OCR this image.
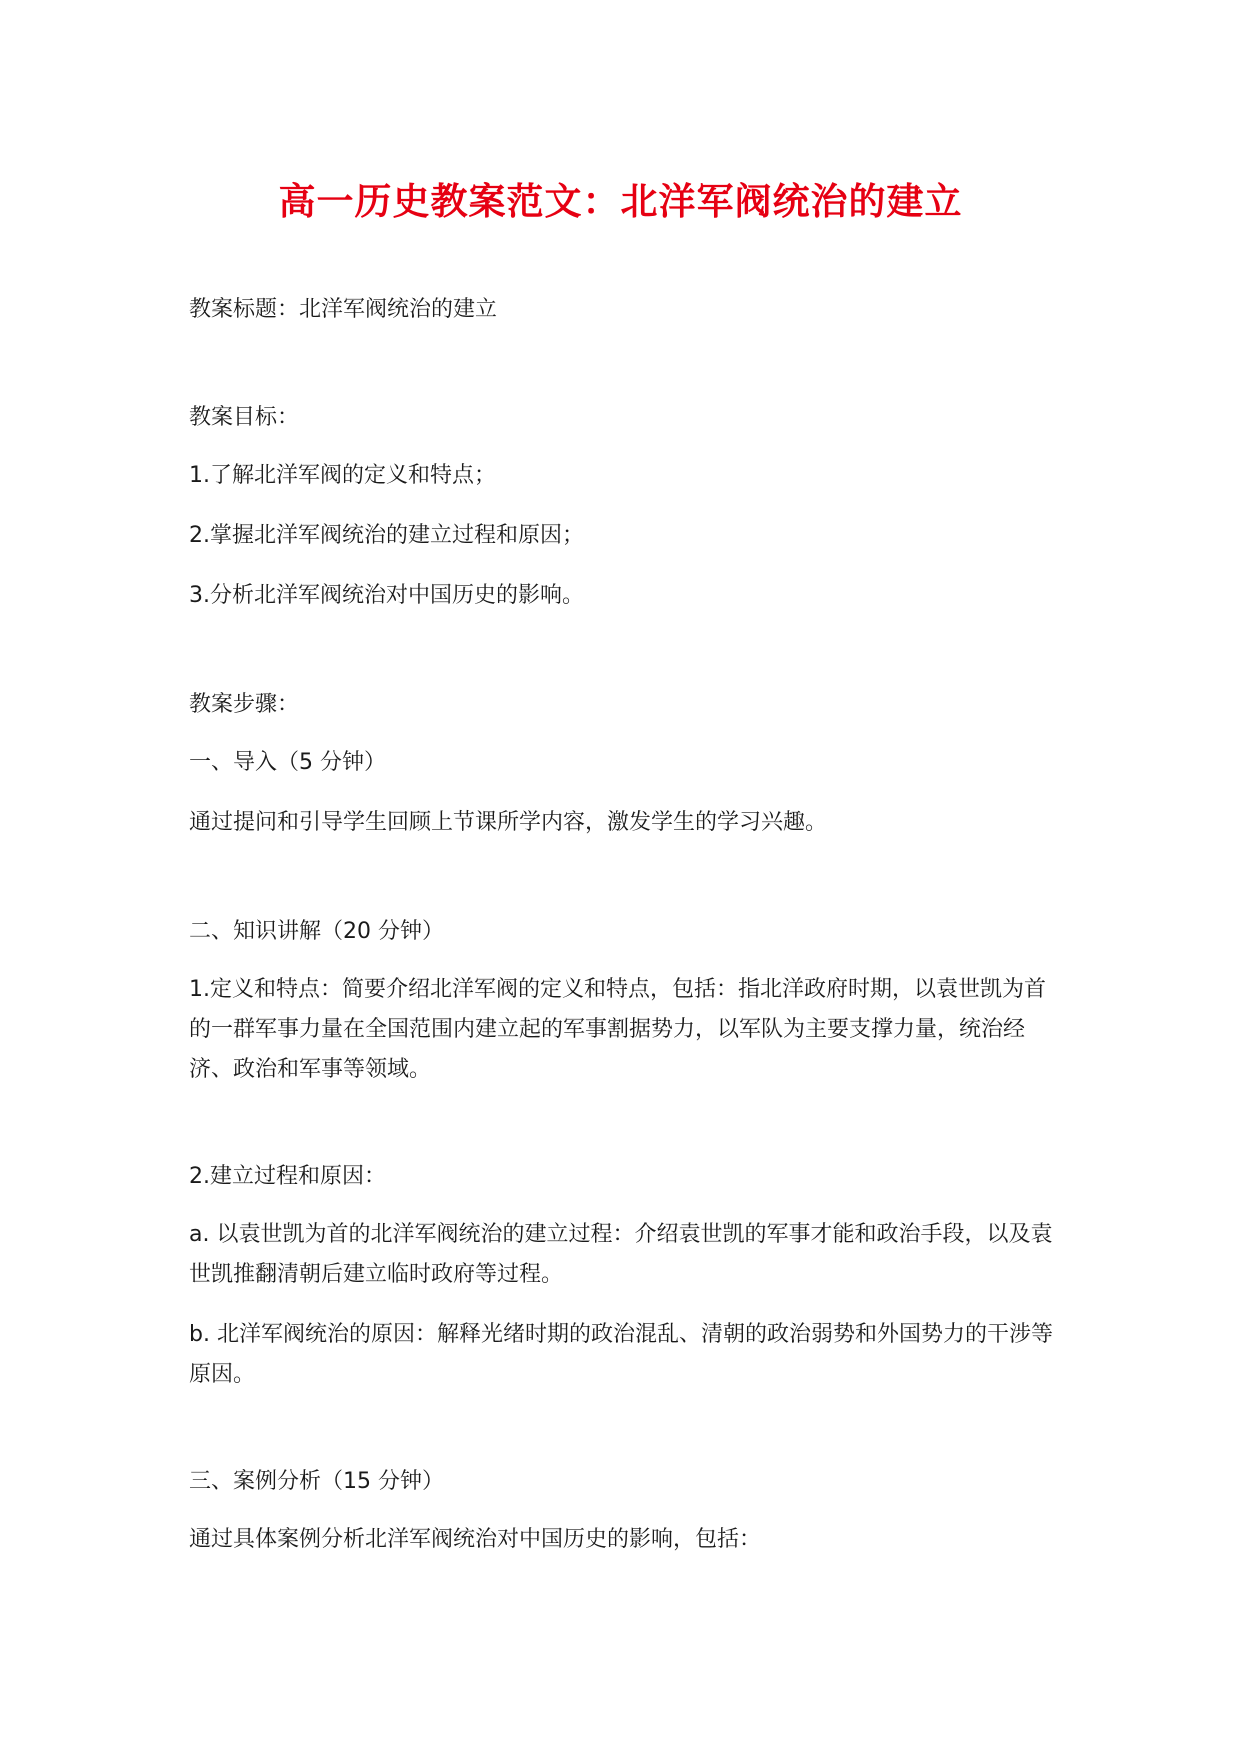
高一历史教案范文：北洋军阀统治的建立

教案标题：北洋军阀统治的建立

教案目标：

1.了解北洋军阀的定义和特点；

2.掌握北洋军阀统治的建立过程和原因；

3.分析北洋军阀统治对中国历史的影响。

教案步骤：

一、导入（5 分钟）

通过提问和引导学生回顾上节课所学内容，激发学生的学习兴趣。

二、知识讲解（20 分钟）

1.定义和特点：简要介绍北洋军阀的定义和特点，包括：指北洋政府时期，以袁世凯为首的一群军事力量在全国范围内建立起的军事割据势力，以军队为主要支撑力量，统治经济、政治和军事等领域。

2.建立过程和原因：

a. 以袁世凯为首的北洋军阀统治的建立过程：介绍袁世凯的军事才能和政治手段，以及袁世凯推翻清朝后建立临时政府等过程。

b. 北洋军阀统治的原因：解释光绪时期的政治混乱、清朝的政治弱势和外国势力的干涉等原因。

三、案例分析（15 分钟）

通过具体案例分析北洋军阀统治对中国历史的影响，包括：
